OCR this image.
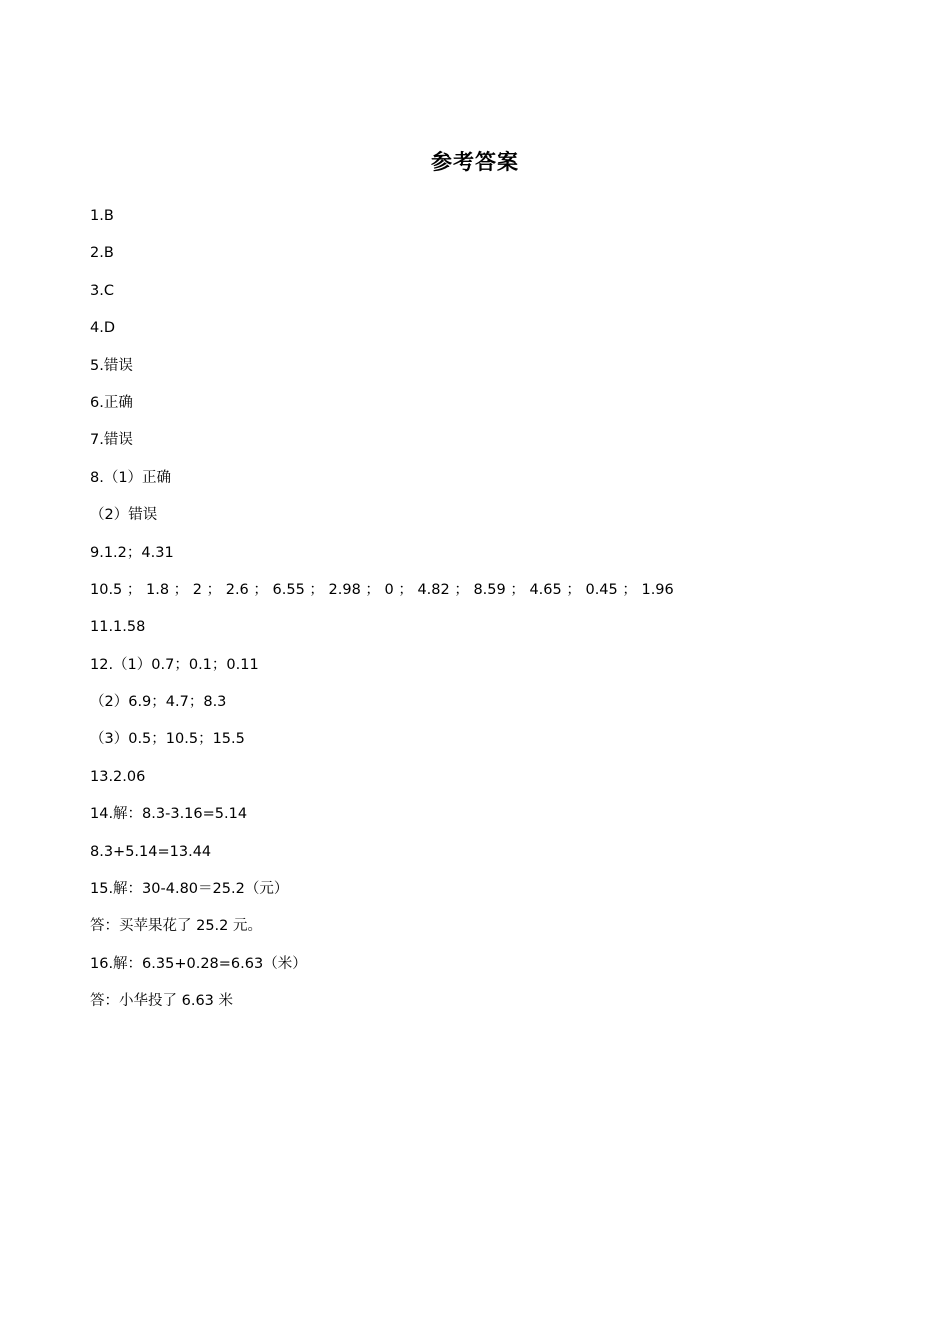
参考答案
1.B
2.B
3.C
4.D
5.错误
6.正确
7.错误
8.（1）正确
（2）错误
9.1.2；4.31
10.5 ； 1.8 ； 2 ； 2.6 ； 6.55 ； 2.98 ； 0 ； 4.82 ； 8.59 ； 4.65 ； 0.45 ； 1.96
11.1.58
12.（1）0.7；0.1；0.11
（2）6.9；4.7；8.3
（3）0.5；10.5；15.5
13.2.06
14.解：8.3-3.16=5.14
8.3+5.14=13.44
15.解：30-4.80＝25.2（元）
答：买苹果花了 25.2 元。
16.解：6.35+0.28=6.63（米）
答：小华投了 6.63 米
